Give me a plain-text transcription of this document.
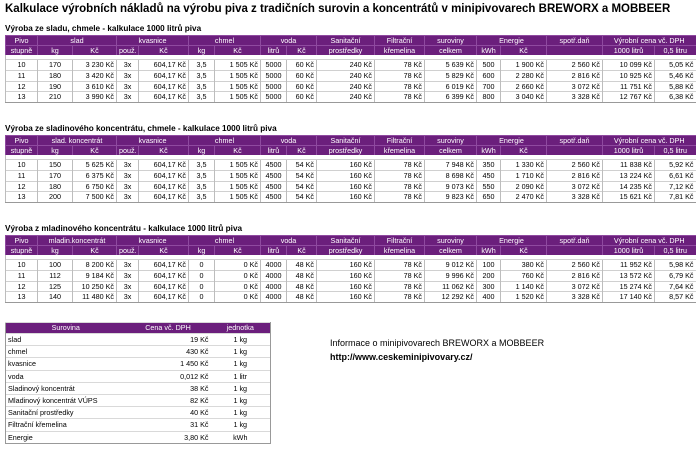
Kalkulace výrobních nákladů na výrobu piva z tradičních surovin a koncentrátů v minipivovarech BREWORX a MOBBEER
Výroba ze sladu, chmele - kalkulace 1000 litrů piva
Pivo	slad		kvasnice		chmel		voda		Sanitační	Filtrační	suroviny	Energie		spotř.daň	Výrobní cena vč. DPH	
stupně	kg	Kč	použ.	Kč	kg	Kč	litrů	Kč	prostředky	křemelina	celkem	kWh	Kč		1000 litrů	0,5 litru

10	170	3 230 Kč	3x	604,17 Kč	3,5	1 505 Kč	5000	60 Kč	240 Kč	78 Kč	5 639 Kč	500	1 900 Kč	2 560 Kč	10 099 Kč	5,05 Kč
11	180	3 420 Kč	3x	604,17 Kč	3,5	1 505 Kč	5000	60 Kč	240 Kč	78 Kč	5 829 Kč	600	2 280 Kč	2 816 Kč	10 925 Kč	5,46 Kč
12	190	3 610 Kč	3x	604,17 Kč	3,5	1 505 Kč	5000	60 Kč	240 Kč	78 Kč	6 019 Kč	700	2 660 Kč	3 072 Kč	11 751 Kč	5,88 Kč
13	210	3 990 Kč	3x	604,17 Kč	3,5	1 505 Kč	5000	60 Kč	240 Kč	78 Kč	6 399 Kč	800	3 040 Kč	3 328 Kč	12 767 Kč	6,38 Kč
Výroba ze sladinového koncentrátu, chmele - kalkulace 1000 litrů piva
Pivo	slad. koncentrát		kvasnice		chmel		voda		Sanitační	Filtrační	suroviny	Energie		spotř.daň	Výrobní cena vč. DPH	
stupně	kg	Kč	použ.	Kč	kg	Kč	litrů	Kč	prostředky	křemelina	celkem	kWh	Kč		1000 litrů	0,5 litru

10	150	5 625 Kč	3x	604,17 Kč	3,5	1 505 Kč	4500	54 Kč	160 Kč	78 Kč	7 948 Kč	350	1 330 Kč	2 560 Kč	11 838 Kč	5,92 Kč
11	170	6 375 Kč	3x	604,17 Kč	3,5	1 505 Kč	4500	54 Kč	160 Kč	78 Kč	8 698 Kč	450	1 710 Kč	2 816 Kč	13 224 Kč	6,61 Kč
12	180	6 750 Kč	3x	604,17 Kč	3,5	1 505 Kč	4500	54 Kč	160 Kč	78 Kč	9 073 Kč	550	2 090 Kč	3 072 Kč	14 235 Kč	7,12 Kč
13	200	7 500 Kč	3x	604,17 Kč	3,5	1 505 Kč	4500	54 Kč	160 Kč	78 Kč	9 823 Kč	650	2 470 Kč	3 328 Kč	15 621 Kč	7,81 Kč
Výroba z mladinového koncentrátu - kalkulace 1000 litrů piva
Pivo	mladin.koncentrát		kvasnice		chmel		voda		Sanitační	Filtrační	suroviny	Energie		spotř.daň	Výrobní cena vč. DPH	
stupně	kg	Kč	použ.	Kč	kg	Kč	litrů	Kč	prostředky	křemelina	celkem	kWh	Kč		1000 litrů	0,5 litru

10	100	8 200 Kč	3x	604,17 Kč	0	0 Kč	4000	48 Kč	160 Kč	78 Kč	9 012 Kč	100	380 Kč	2 560 Kč	11 952 Kč	5,98 Kč
11	112	9 184 Kč	3x	604,17 Kč	0	0 Kč	4000	48 Kč	160 Kč	78 Kč	9 996 Kč	200	760 Kč	2 816 Kč	13 572 Kč	6,79 Kč
12	125	10 250 Kč	3x	604,17 Kč	0	0 Kč	4000	48 Kč	160 Kč	78 Kč	11 062 Kč	300	1 140 Kč	3 072 Kč	15 274 Kč	7,64 Kč
13	140	11 480 Kč	3x	604,17 Kč	0	0 Kč	4000	48 Kč	160 Kč	78 Kč	12 292 Kč	400	1 520 Kč	3 328 Kč	17 140 Kč	8,57 Kč
Surovina	Cena vč. DPH	jednotka
slad	19 Kč	1 kg
chmel	430 Kč	1 kg
kvasnice	1 450 Kč	1 kg
voda	0,012 Kč	1 litr
Sladinový koncentrát	38 Kč	1 kg
Mladinový koncentrát VÚPS	82 Kč	1 kg
Sanitační prostředky	40 Kč	1 kg
Filtrační křemelina	31 Kč	1 kg
Energie	3,80 Kč	kWh
Informace o minipivovarech BREWORX a MOBBEER
http://www.ceskeminipivovary.cz/
